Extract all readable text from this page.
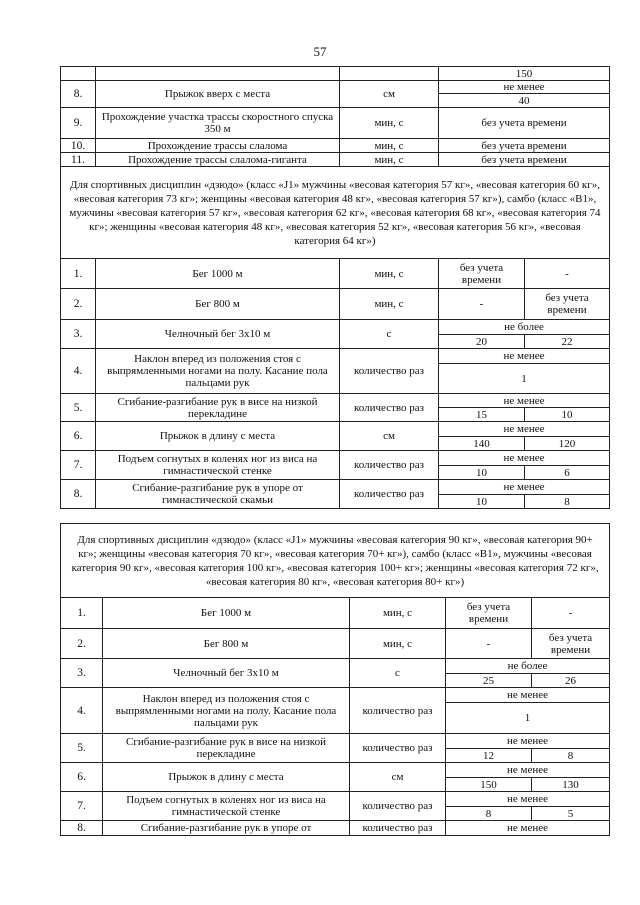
57
			150	
8.	Прыжок вверх с места	см	не менее	
			40	
9.	Прохождение участка трассы скоростного спуска 350 м	мин, с	без учета времени	
10.	Прохождение трассы слалома	мин, с	без учета времени	
11.	Прохождение трассы слалома-гиганта	мин, с	без учета времени	
Для спортивных дисциплин «дзюдо» (класс «J1» мужчины «весовая категория 57 кг», «весовая категория 60 кг», «весовая категория 73 кг»; женщины «весовая категория 48 кг», «весовая категория 57 кг»), самбо (класс «B1», мужчины «весовая категория 57 кг», «весовая категория 62 кг», «весовая категория 68 кг», «весовая категория 74 кг»; женщины «весовая категория 48 кг», «весовая категория 52 кг», «весовая категория 56 кг», «весовая категория 64 кг»)				
1.	Бег 1000 м	мин, с	без учета времени	-
2.	Бег 800 м	мин, с	-	без учета времени
3.	Челночный бег 3x10 м	с	не более	
			20	22
4.	Наклон вперед из положения стоя с выпрямленными ногами на полу. Касание пола пальцами рук	количество раз	не менее	
			1	
5.	Сгибание-разгибание рук в висе на низкой перекладине	количество раз	не менее	
			15	10
6.	Прыжок в длину с места	см	не менее	
			140	120
7.	Подъем согнутых в коленях ног из виса на гимнастической стенке	количество раз	не менее	
			10	6
8.	Сгибание-разгибание рук в упоре от гимнастической скамьи	количество раз	не менее	
			10	8
Для спортивных дисциплин «дзюдо» (класс «J1» мужчины «весовая категория 90 кг», «весовая категория 90+ кг»; женщины «весовая категория 70 кг», «весовая категория 70+ кг»), самбо (класс «B1», мужчины «весовая категория 90 кг», «весовая категория 100 кг», «весовая категория 100+ кг»; женщины «весовая категория 72 кг», «весовая категория 80 кг», «весовая категория 80+ кг»)				
1.	Бег 1000 м	мин, с	без учета времени	-
2.	Бег 800 м	мин, с	-	без учета времени
3.	Челночный бег 3x10 м	с	не более	
			25	26
4.	Наклон вперед из положения стоя с выпрямленными ногами на полу. Касание пола пальцами рук	количество раз	не менее	
			1	
5.	Сгибание-разгибание рук в висе на низкой перекладине	количество раз	не менее	
			12	8
6.	Прыжок в длину с места	см	не менее	
			150	130
7.	Подъем согнутых в коленях ног из виса на гимнастической стенке	количество раз	не менее	
			8	5
8.	Сгибание-разгибание рук в упоре от	количество раз	не менее	
